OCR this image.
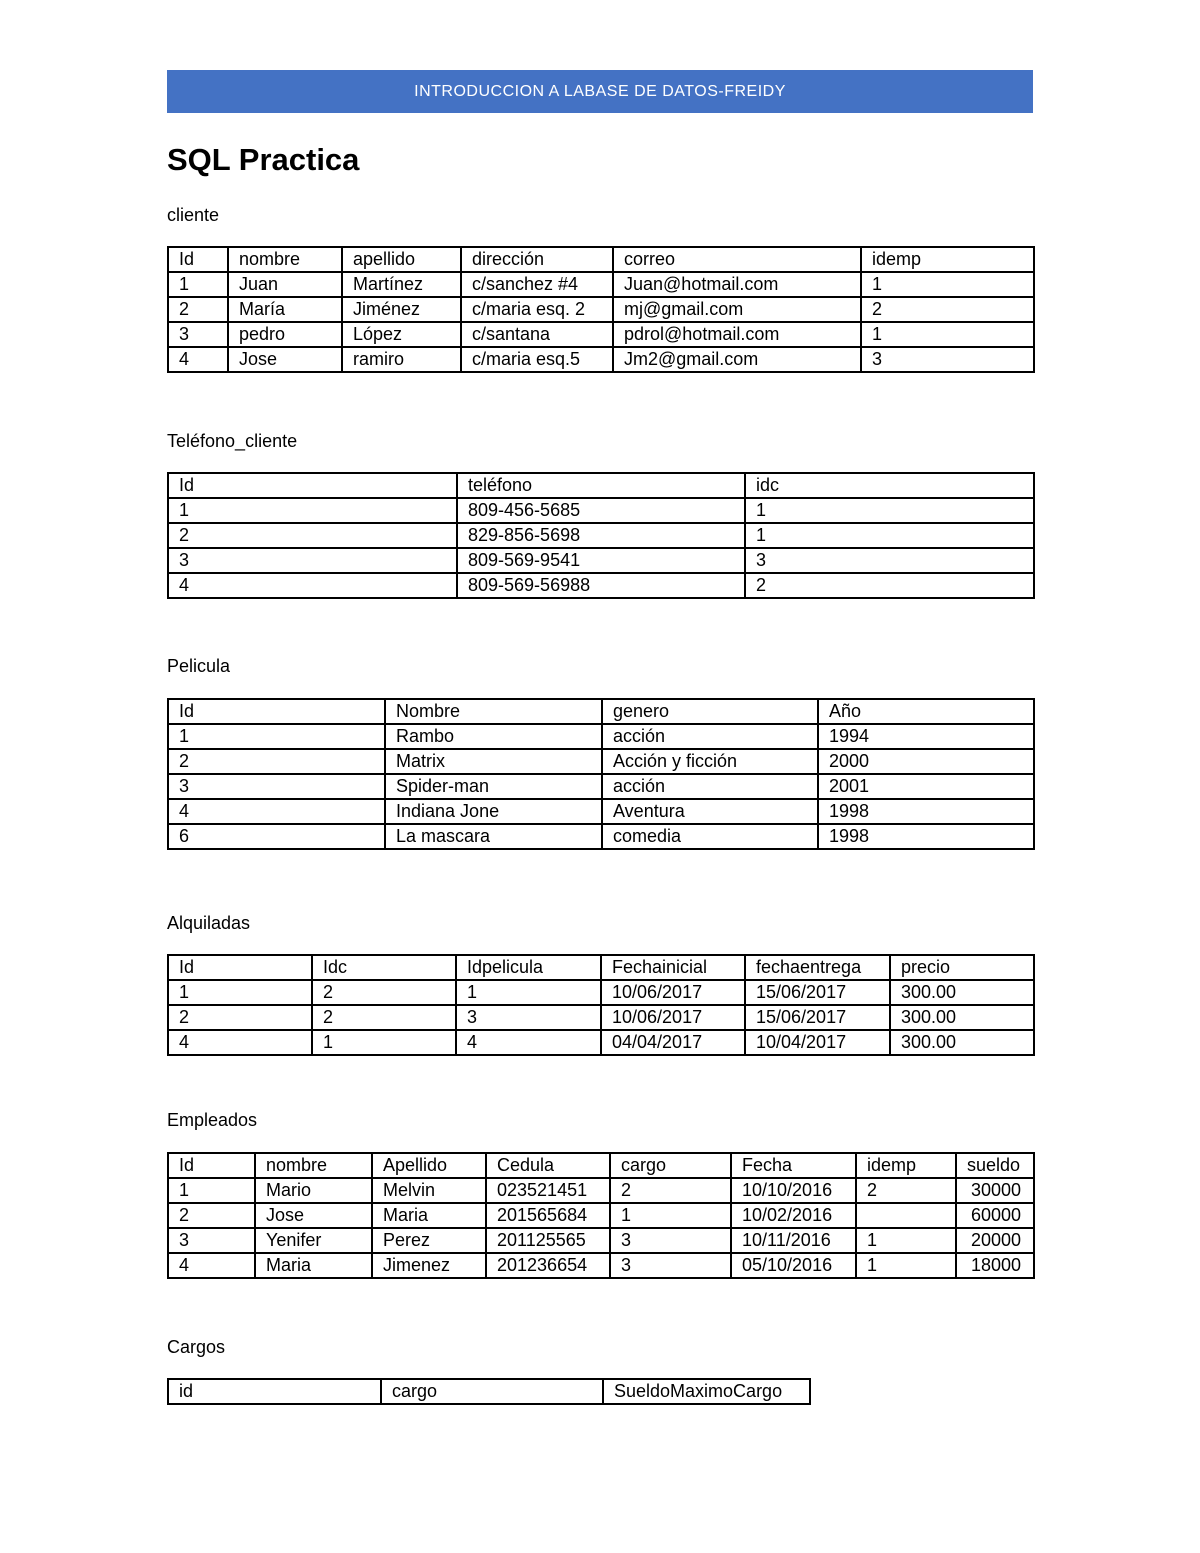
INTRODUCCION A LABASE DE DATOS-FREIDY
SQL Practica
cliente
Id	nombre	apellido	dirección	correo	idemp
1	Juan	Martínez	c/sanchez #4	Juan@hotmail.com	1
2	María	Jiménez	c/maria esq. 2	mj@gmail.com	2
3	pedro	López	c/santana	pdrol@hotmail.com	1
4	Jose	ramiro	c/maria esq.5	Jm2@gmail.com	3
Teléfono_cliente
Id	teléfono	idc
1	809-456-5685	1
2	829-856-5698	1
3	809-569-9541	3
4	809-569-56988	2
Pelicula
Id	Nombre	genero	Año
1	Rambo	acción	1994
2	Matrix	Acción y ficción	2000
3	Spider-man	acción	2001
4	Indiana Jone	Aventura	1998
6	La mascara	comedia	1998
Alquiladas
Id	Idc	Idpelicula	Fechainicial	fechaentrega	precio
1	2	1	10/06/2017	15/06/2017	300.00
2	2	3	10/06/2017	15/06/2017	300.00
4	1	4	04/04/2017	10/04/2017	300.00
Empleados
Id	nombre	Apellido	Cedula	cargo	Fecha	idemp	sueldo
1	Mario	Melvin	023521451	2	10/10/2016	2	30000
2	Jose	Maria	201565684	1	10/02/2016		60000
3	Yenifer	Perez	201125565	3	10/11/2016	1	20000
4	Maria	Jimenez	201236654	3	05/10/2016	1	18000
Cargos
id	cargo	SueldoMaximoCargo
